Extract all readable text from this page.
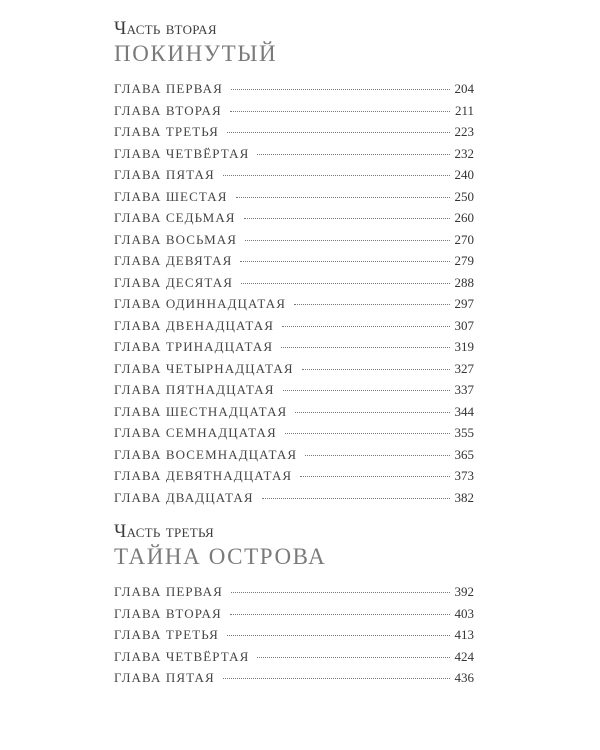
Часть вторая
ПОКИНУТЫЙ
ГЛАВА ПЕРВАЯ	204
ГЛАВА ВТОРАЯ	211
ГЛАВА ТРЕТЬЯ	223
ГЛАВА ЧЕТВЁРТАЯ	232
ГЛАВА ПЯТАЯ	240
ГЛАВА ШЕСТАЯ	250
ГЛАВА СЕДЬМАЯ	260
ГЛАВА ВОСЬМАЯ	270
ГЛАВА ДЕВЯТАЯ	279
ГЛАВА ДЕСЯТАЯ	288
ГЛАВА ОДИННАДЦАТАЯ	297
ГЛАВА ДВЕНАДЦАТАЯ	307
ГЛАВА ТРИНАДЦАТАЯ	319
ГЛАВА ЧЕТЫРНАДЦАТАЯ	327
ГЛАВА ПЯТНАДЦАТАЯ	337
ГЛАВА ШЕСТНАДЦАТАЯ	344
ГЛАВА СЕМНАДЦАТАЯ	355
ГЛАВА ВОСЕМНАДЦАТАЯ	365
ГЛАВА ДЕВЯТНАДЦАТАЯ	373
ГЛАВА ДВАДЦАТАЯ	382
Часть третья
ТАЙНА ОСТРОВА
ГЛАВА ПЕРВАЯ	392
ГЛАВА ВТОРАЯ	403
ГЛАВА ТРЕТЬЯ	413
ГЛАВА ЧЕТВЁРТАЯ	424
ГЛАВА ПЯТАЯ	436
